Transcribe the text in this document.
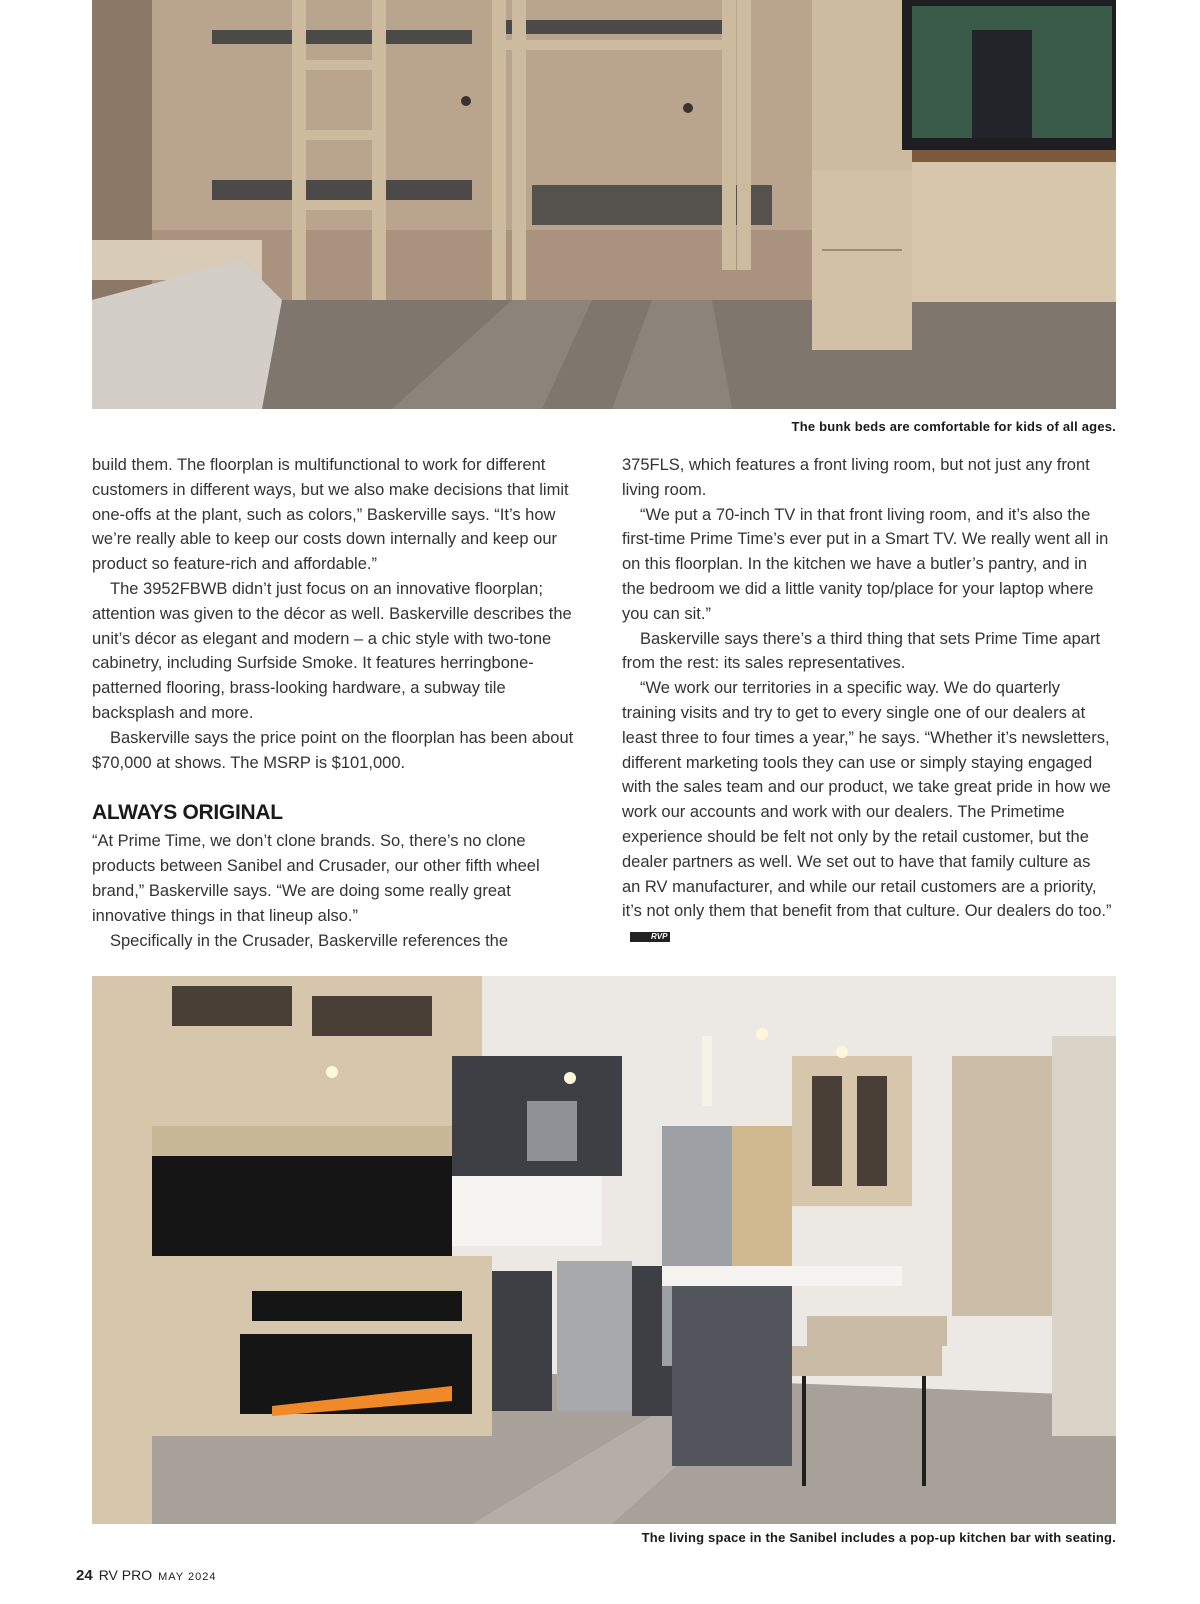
The bunk beds are comfortable for kids of all ages.

build them. The floorplan is multifunctional to work for different customers in different ways, but we also make decisions that limit one-offs at the plant, such as colors,” Baskerville says. “It’s how we’re really able to keep our costs down internally and keep our product so feature-rich and affordable.”

The 3952FBWB didn’t just focus on an innovative floorplan; attention was given to the décor as well. Baskerville describes the unit’s décor as elegant and modern – a chic style with two-tone cabinetry, including Surfside Smoke. It features herringbone-patterned flooring, brass-looking hardware, a subway tile backsplash and more.

Baskerville says the price point on the floorplan has been about $70,000 at shows. The MSRP is $101,000.

ALWAYS ORIGINAL

“At Prime Time, we don’t clone brands. So, there’s no clone products between Sanibel and Crusader, our other fifth wheel brand,” Baskerville says. “We are doing some really great innovative things in that lineup also.”

Specifically in the Crusader, Baskerville references the

375FLS, which features a front living room, but not just any front living room.

“We put a 70-inch TV in that front living room, and it’s also the first-time Prime Time’s ever put in a Smart TV. We really went all in on this floorplan. In the kitchen we have a butler’s pantry, and in the bedroom we did a little vanity top/place for your laptop where you can sit.”

Baskerville says there’s a third thing that sets Prime Time apart from the rest: its sales representatives.

“We work our territories in a specific way. We do quarterly training visits and try to get to every single one of our dealers at least three to four times a year,” he says. “Whether it’s newsletters, different marketing tools they can use or simply staying engaged with the sales team and our product, we take great pride in how we work our accounts and work with our dealers. The Primetime experience should be felt not only by the retail customer, but the dealer partners as well. We set out to have that family culture as an RV manufacturer, and while our retail customers are a priority, it’s not only them that benefit from that culture. Our dealers do too.”RVP

The living space in the Sanibel includes a pop-up kitchen bar with seating.
24 RV PRO MAY 2024
